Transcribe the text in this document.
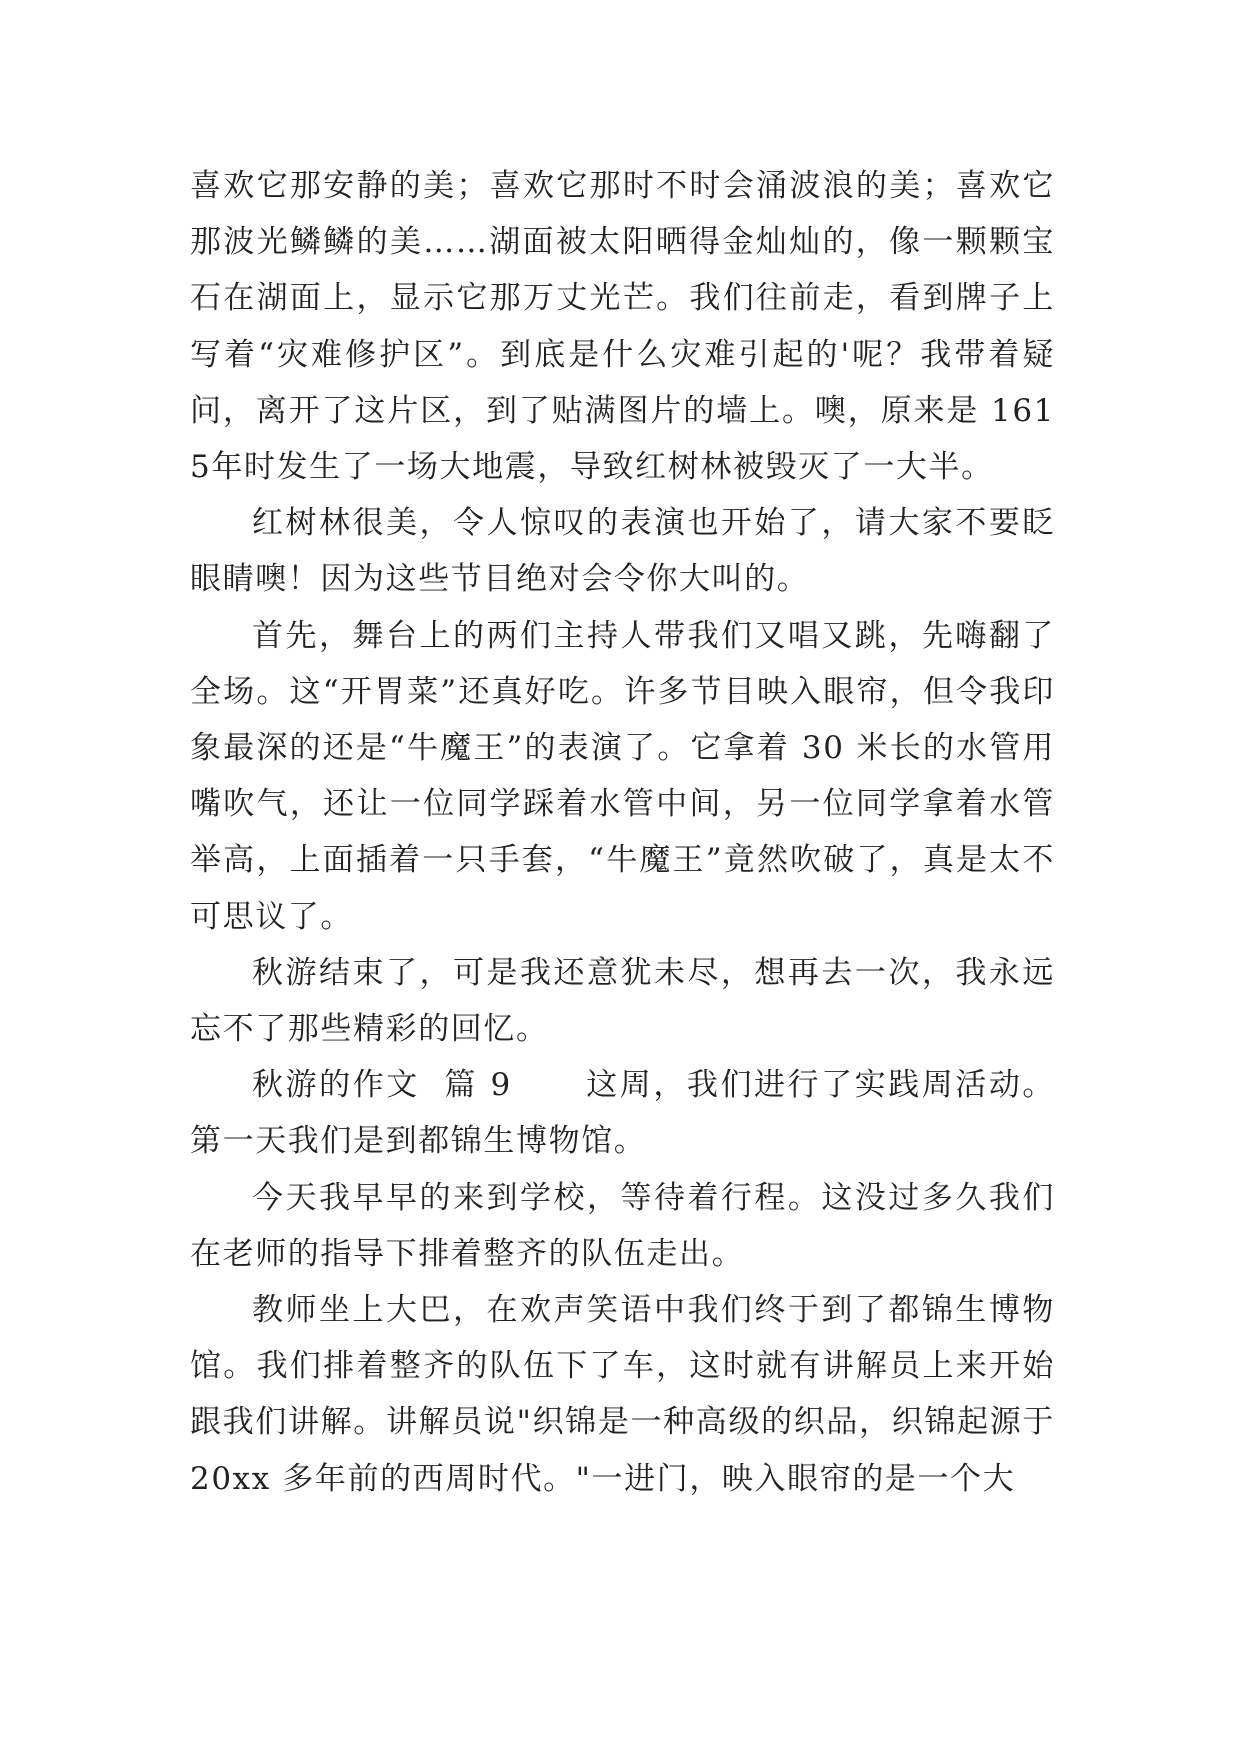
喜欢它那安静的美；喜欢它那时不时会涌波浪的美；喜欢它那波光鳞鳞的美……湖面被太阳晒得金灿灿的，像一颗颗宝石在湖面上，显示它那万丈光芒。我们往前走，看到牌子上写着“灾难修护区”。到底是什么灾难引起的'呢？我带着疑问，离开了这片区，到了贴满图片的墙上。噢，原来是 1615年时发生了一场大地震，导致红树林被毁灭了一大半。

红树林很美，令人惊叹的表演也开始了，请大家不要眨眼睛噢！因为这些节目绝对会令你大叫的。

首先，舞台上的两们主持人带我们又唱又跳，先嗨翻了全场。这“开胃菜”还真好吃。许多节目映入眼帘，但令我印象最深的还是“牛魔王”的表演了。它拿着 30 米长的水管用嘴吹气，还让一位同学踩着水管中间，另一位同学拿着水管举高，上面插着一只手套，“牛魔王”竟然吹破了，真是太不可思议了。

秋游结束了，可是我还意犹未尽，想再去一次，我永远忘不了那些精彩的回忆。

秋游的作文  篇 9      这周，我们进行了实践周活动。第一天我们是到都锦生博物馆。

今天我早早的来到学校，等待着行程。这没过多久我们在老师的指导下排着整齐的队伍走出。

教师坐上大巴，在欢声笑语中我们终于到了都锦生博物馆。我们排着整齐的队伍下了车，这时就有讲解员上来开始跟我们讲解。讲解员说"织锦是一种高级的织品，织锦起源于 20xx 多年前的西周时代。"一进门，映入眼帘的是一个大
